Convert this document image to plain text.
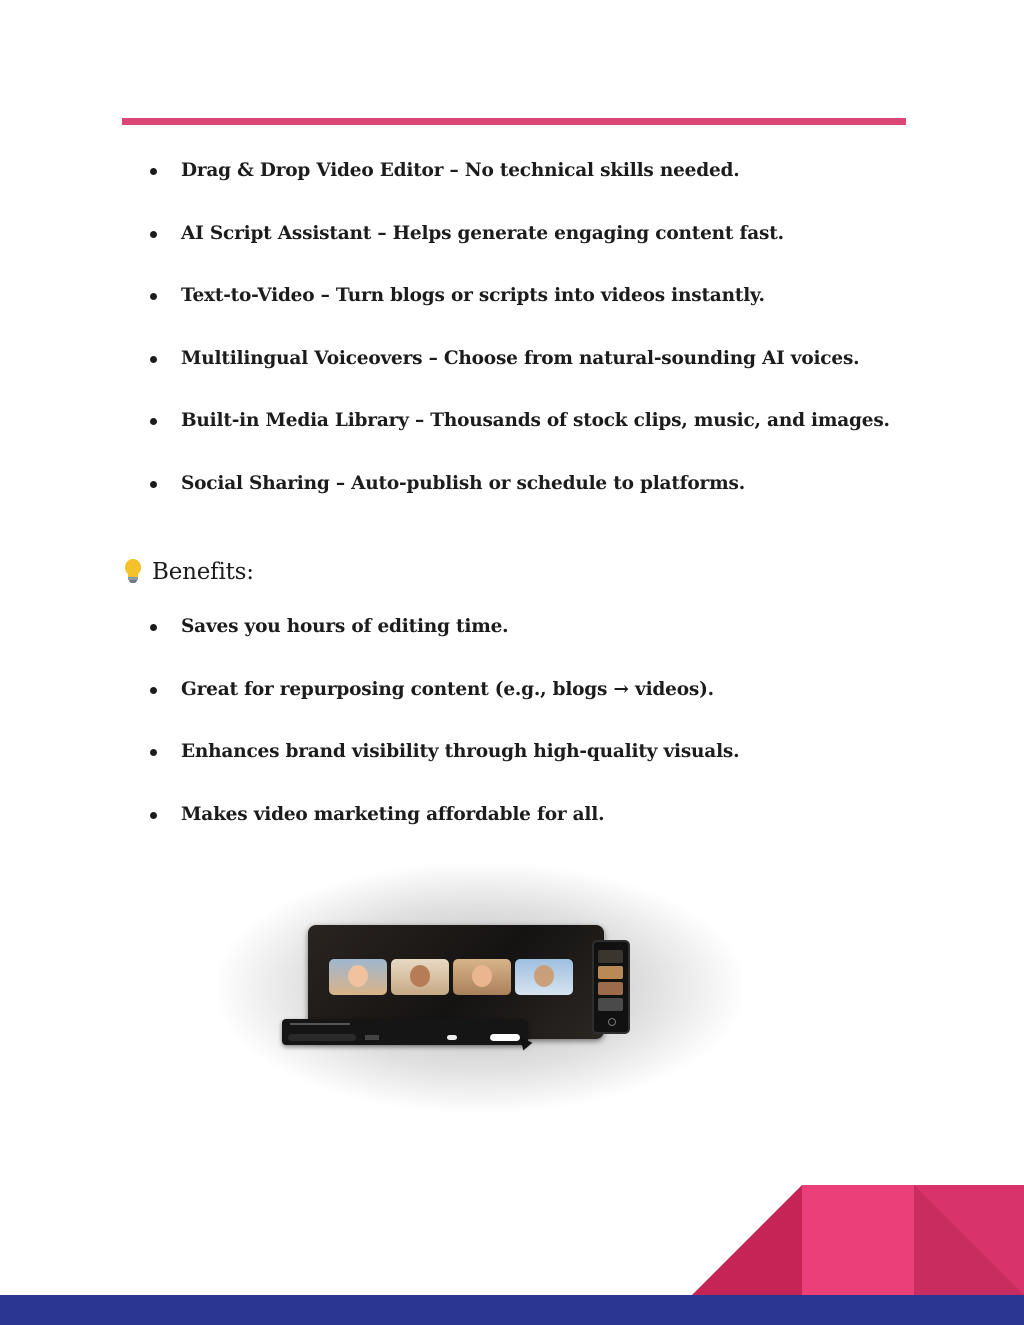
Drag & Drop Video Editor – No technical skills needed.
AI Script Assistant – Helps generate engaging content fast.
Text-to-Video – Turn blogs or scripts into videos instantly.
Multilingual Voiceovers – Choose from natural-sounding AI voices.
Built-in Media Library – Thousands of stock clips, music, and images.
Social Sharing – Auto-publish or schedule to platforms.
Benefits:
Saves you hours of editing time.
Great for repurposing content (e.g., blogs → videos).
Enhances brand visibility through high-quality visuals.
Makes video marketing affordable for all.
